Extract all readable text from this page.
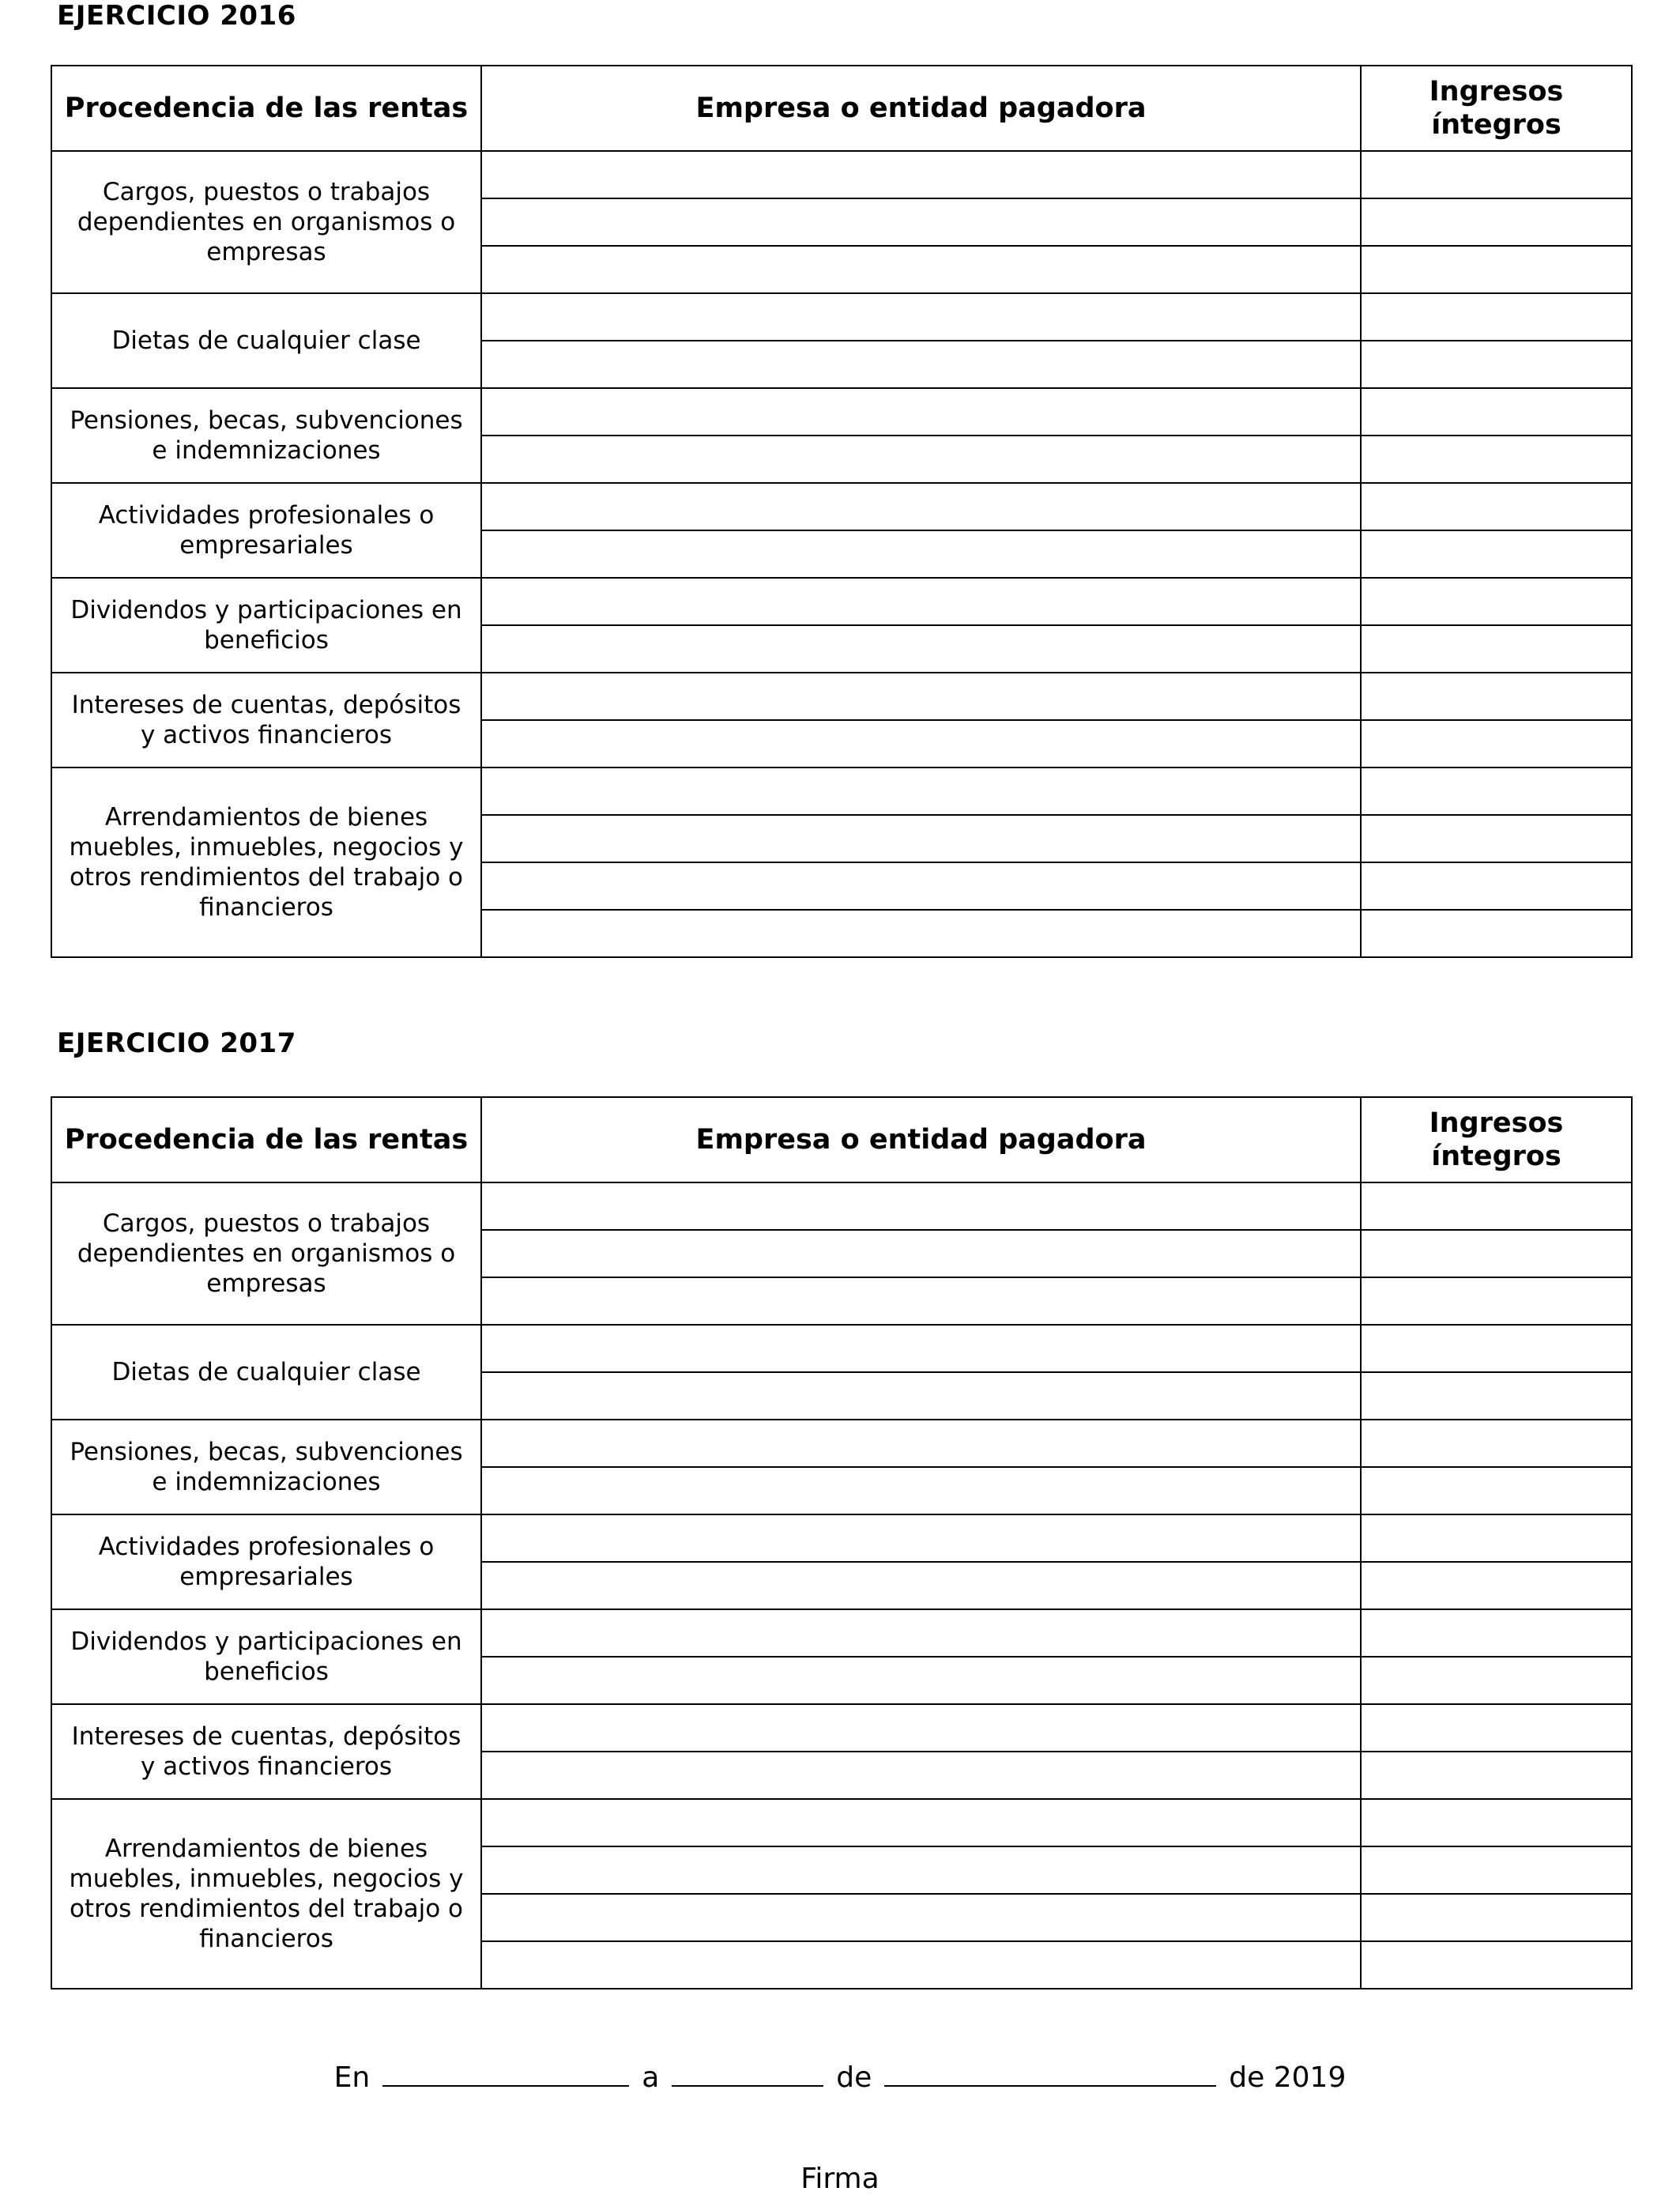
EJERCICIO 2016
Procedencia de las rentas	Empresa o entidad pagadora	Ingresos íntegros
Cargos, puestos o trabajos dependientes en organismos o empresas		

Dietas de cualquier clase		

Pensiones, becas, subvenciones e indemnizaciones		

Actividades profesionales o empresariales		

Dividendos y participaciones en beneficios		

Intereses de cuentas, depósitos y activos financieros		

Arrendamientos de bienes muebles, inmuebles, negocios y otros rendimientos del trabajo o financieros		

EJERCICIO 2017
Procedencia de las rentas	Empresa o entidad pagadora	Ingresos íntegros
Cargos, puestos o trabajos dependientes en organismos o empresas		

Dietas de cualquier clase		

Pensiones, becas, subvenciones e indemnizaciones		

Actividades profesionales o empresariales		

Dividendos y participaciones en beneficios		

Intereses de cuentas, depósitos y activos financieros		

Arrendamientos de bienes muebles, inmuebles, negocios y otros rendimientos del trabajo o financieros		

En	a	de	de 2019
Firma
